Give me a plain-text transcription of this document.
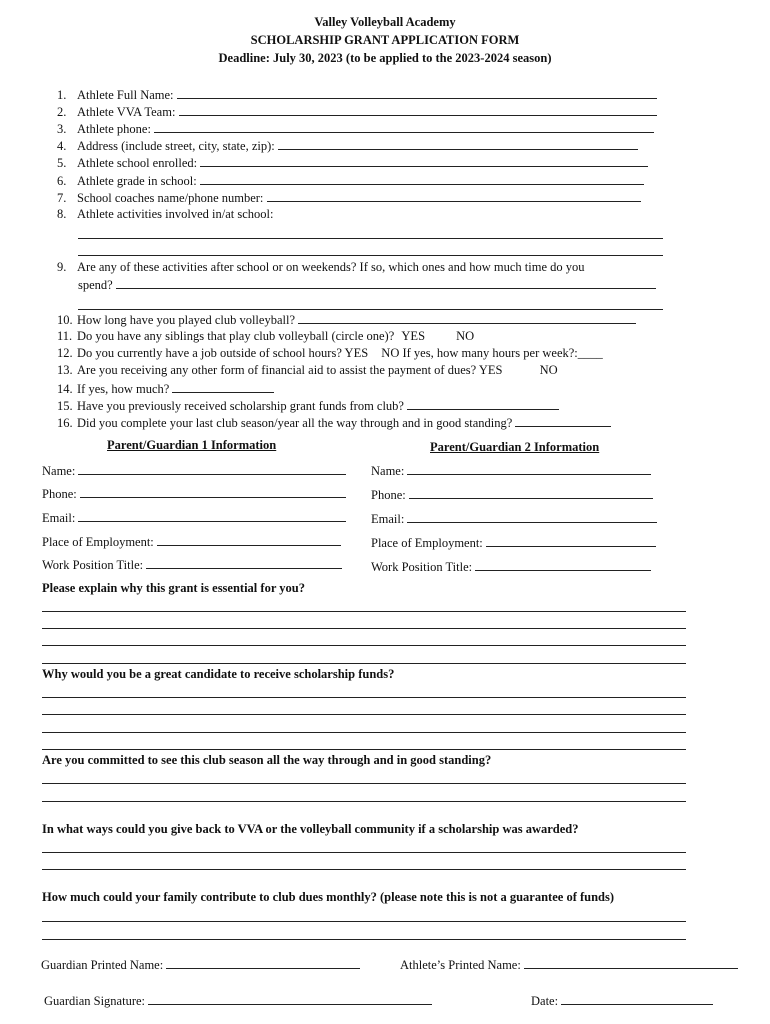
Valley Volleyball Academy
SCHOLARSHIP GRANT APPLICATION FORM
Deadline: July 30, 2023 (to be applied to the 2023-2024 season)
1. Athlete Full Name:
2. Athlete VVA Team:
3. Athlete phone:
4. Address (include street, city, state, zip):
5. Athlete school enrolled:
6. Athlete grade in school:
7. School coaches name/phone number:
8. Athlete activities involved in/at school:
9. Are any of these activities after school or on weekends? If so, which ones and how much time do you
spend?
10. How long have you played club volleyball?
11. Do you have any siblings that play club volleyball (circle one)? YES NO
12. Do you currently have a job outside of school hours? YES NO If yes, how many hours per week?:____
13. Are you receiving any other form of financial aid to assist the payment of dues? YES	NO
14. If yes, how much?
15. Have you previously received scholarship grant funds from club?
16. Did you complete your last club season/year all the way through and in good standing?
Parent/Guardian 1 Information	Parent/Guardian 2 Information
Name:
Phone:
Email:
Place of Employment:
Work Position Title:
Name:
Phone:
Email:
Place of Employment:
Work Position Title:
Please explain why this grant is essential for you?
Why would you be a great candidate to receive scholarship funds?
Are you committed to see this club season all the way through and in good standing?
In what ways could you give back to VVA or the volleyball community if a scholarship was awarded?
How much could your family contribute to club dues monthly? (please note this is not a guarantee of funds)
Guardian Printed Name:	Athlete’s Printed Name:
Guardian Signature:	Date:
